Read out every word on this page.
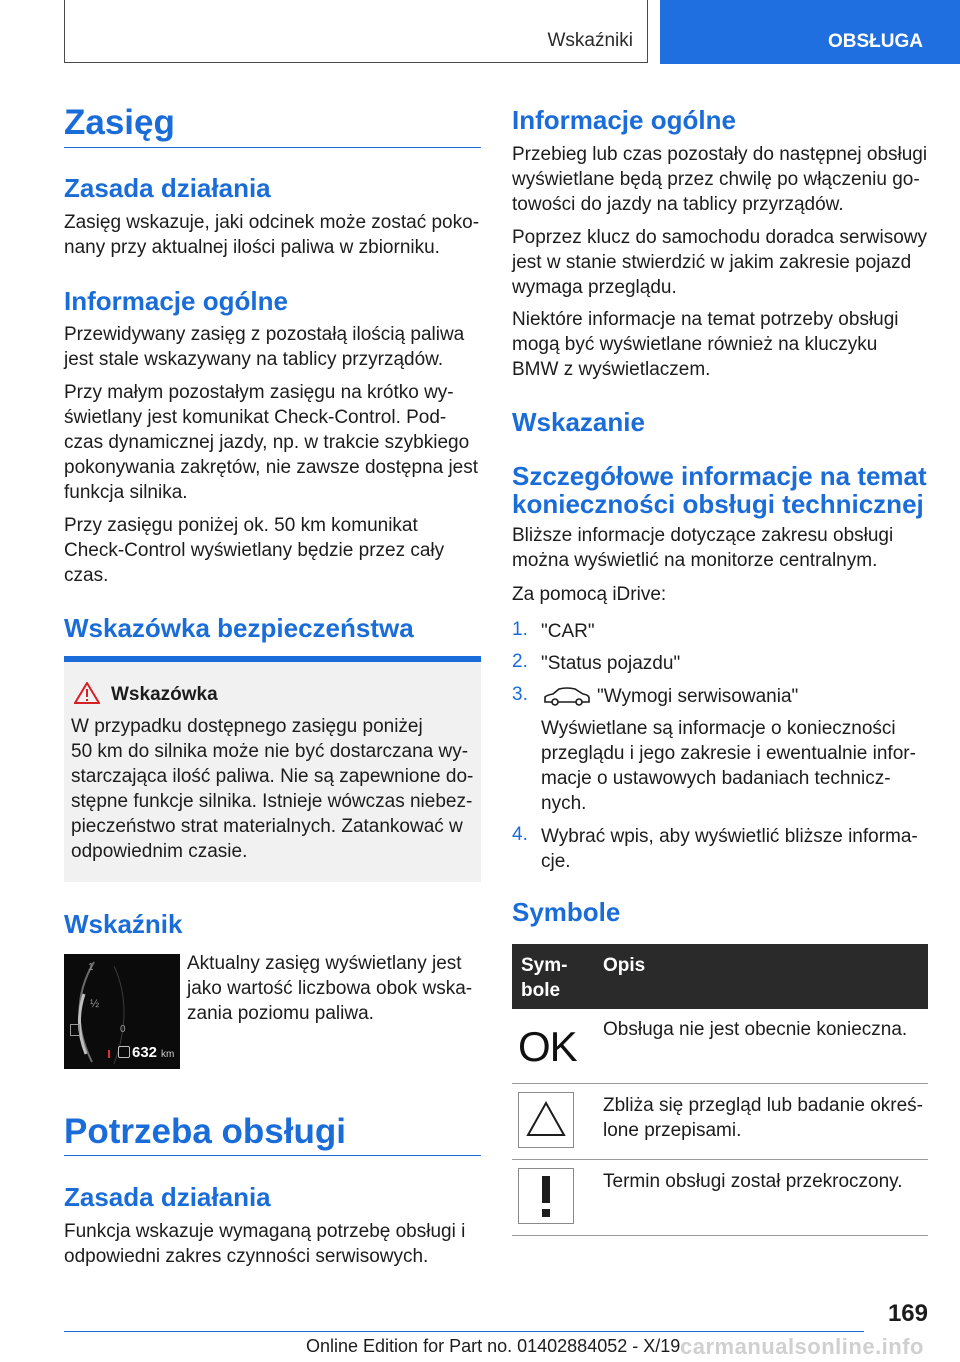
Wskaźniki	OBSŁUGA
Zasięg
Zasada działania
Zasięg wskazuje, jaki odcinek może zostać poko-
nany przy aktualnej ilości paliwa w zbiorniku.
Informacje ogólne
Przewidywany zasięg z pozostałą ilością paliwa
jest stale wskazywany na tablicy przyrządów.
Przy małym pozostałym zasięgu na krótko wy-
świetlany jest komunikat Check-Control. Pod-
czas dynamicznej jazdy, np. w trakcie szybkiego
pokonywania zakrętów, nie zawsze dostępna jest
funkcja silnika.
Przy zasięgu poniżej ok. 50 km komunikat
Check-Control wyświetlany będzie przez cały
czas.
Wskazówka bezpieczeństwa
Wskazówka
W przypadku dostępnego zasięgu poniżej
50 km do silnika może nie być dostarczana wy-
starczająca ilość paliwa. Nie są zapewnione do-
stępne funkcje silnika. Istnieje wówczas niebez-
pieczeństwo strat materialnych. Zatankować w
odpowiednim czasie.
Wskaźnik
1
½
0
632 km
Aktualny zasięg wyświetlany jest
jako wartość liczbowa obok wska-
zania poziomu paliwa.
Potrzeba obsługi
Zasada działania
Funkcja wskazuje wymaganą potrzebę obsługi i
odpowiedni zakres czynności serwisowych.
Informacje ogólne
Przebieg lub czas pozostały do następnej obsługi
wyświetlane będą przez chwilę po włączeniu go-
towości do jazdy na tablicy przyrządów.
Poprzez klucz do samochodu doradca serwisowy
jest w stanie stwierdzić w jakim zakresie pojazd
wymaga przeglądu.
Niektóre informacje na temat potrzeby obsługi
mogą być wyświetlane również na kluczyku
BMW z wyświetlaczem.
Wskazanie
Szczegółowe informacje na temat
konieczności obsługi technicznej
Bliższe informacje dotyczące zakresu obsługi
można wyświetlić na monitorze centralnym.
Za pomocą iDrive:
1. "CAR"
2. "Status pojazdu"
3.	"Wymogi serwisowania"
Wyświetlane są informacje o konieczności
przeglądu i jego zakresie i ewentualnie infor-
macje o ustawowych badaniach technicz-
nych.
4. Wybrać wpis, aby wyświetlić bliższe informa-
cje.
Symbole
Sym-
bole
Opis
OK Obsługa nie jest obecnie konieczna.
Zbliża się przegląd lub badanie okreś-
lone przepisami.
Termin obsługi został przekroczony.
169
Online Edition for Part no. 01402884052 - X/19 carmanualsonline.info
